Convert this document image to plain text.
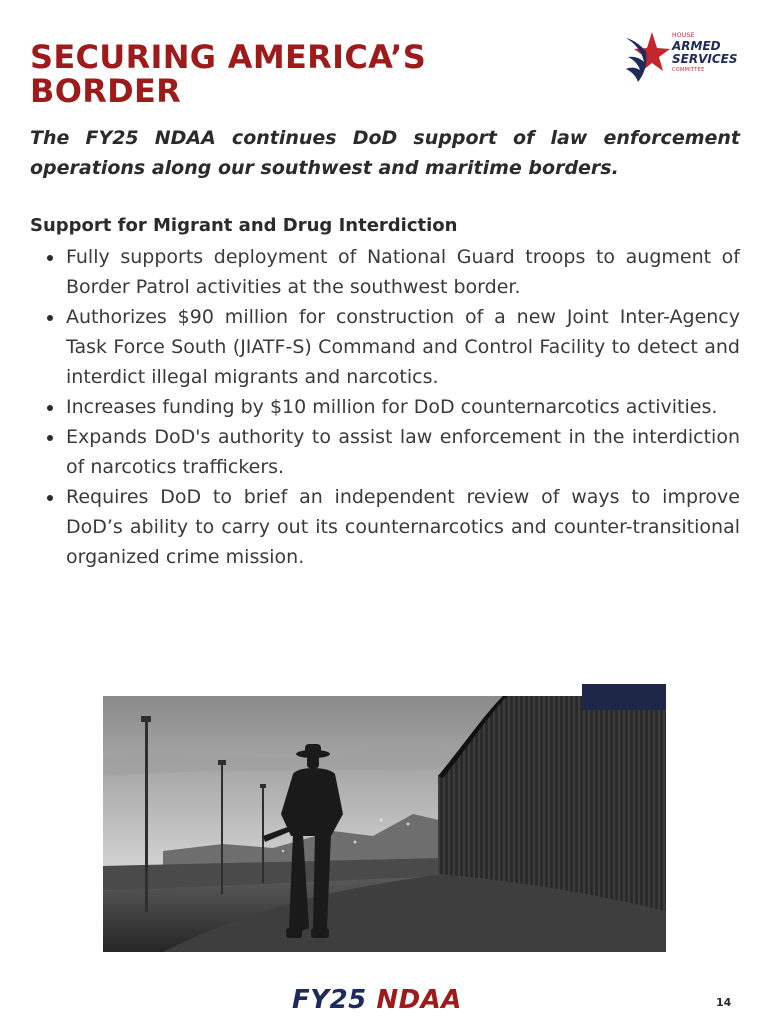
SECURING AMERICA’S
BORDER
HOUSE
ARMED
SERVICES
COMMITTEE
The FY25 NDAA continues DoD support of law enforcement operations along our southwest and maritime borders.
Support for Migrant and Drug Interdiction
Fully supports deployment of National Guard troops to augment of Border Patrol activities at the southwest border.
Authorizes $90 million for construction of a new Joint Inter-Agency Task Force South (JIATF-S) Command and Control Facility to detect and interdict illegal migrants and narcotics.
Increases funding by $10 million for DoD counternarcotics activities.
Expands DoD's authority to assist law enforcement in the interdiction of narcotics traffickers.
Requires DoD to brief an independent review of ways to improve DoD’s ability to carry out its counternarcotics and counter-transitional organized crime mission.
FY25 NDAA	14
